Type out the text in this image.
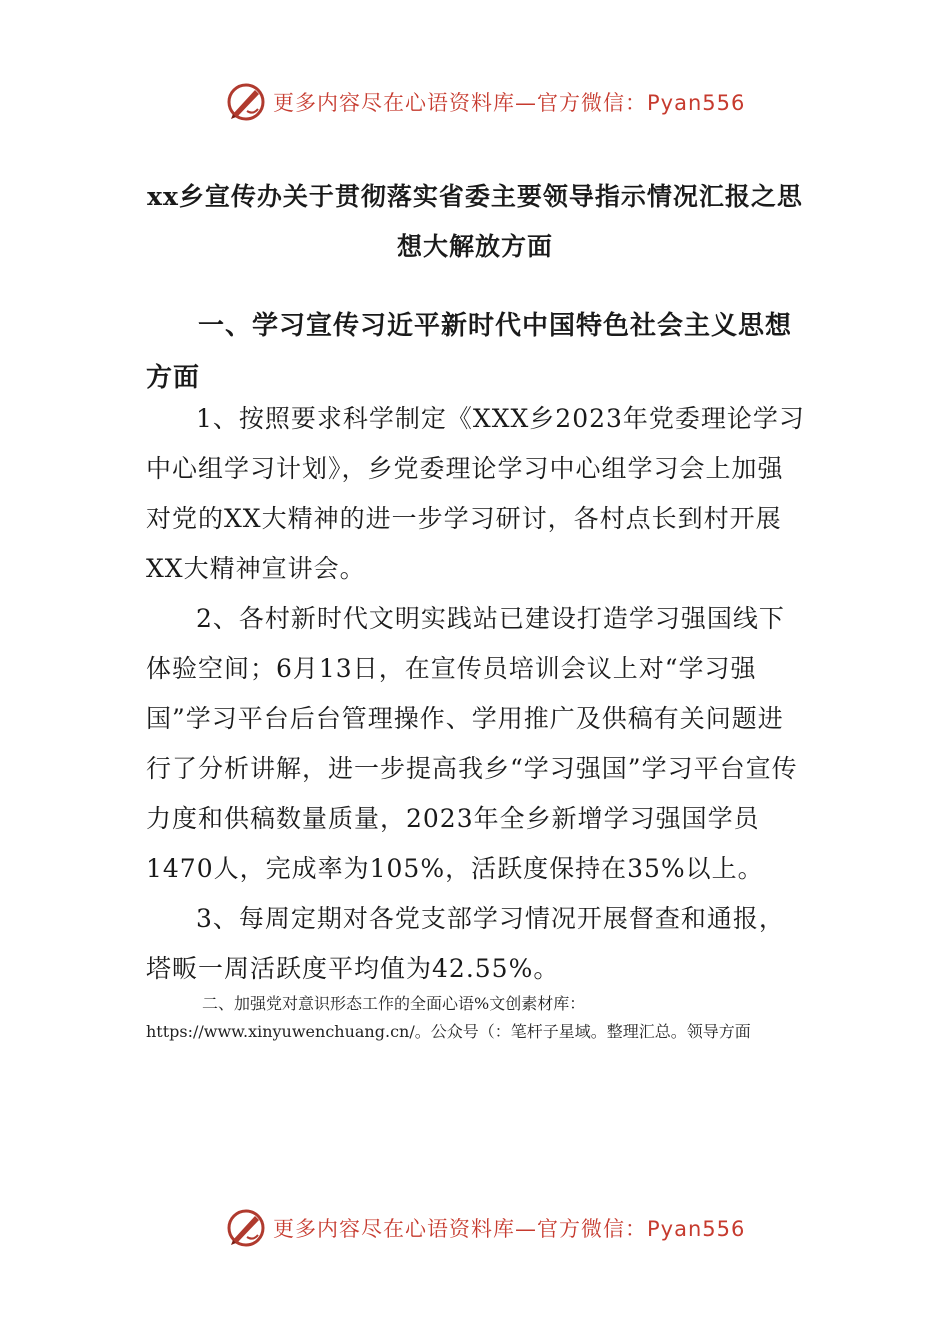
更多内容尽在心语资料库—官方微信：Pyan556
xx乡宣传办关于贯彻落实省委主要领导指示情况汇报之思想大解放方面
一、学习宣传习近平新时代中国特色社会主义思想方面

1、按照要求科学制定《XXX乡2023年党委理论学习中心组学习计划》，乡党委理论学习中心组学习会上加强对党的XX大精神的进一步学习研讨，各村点长到村开展XX大精神宣讲会。

2、各村新时代文明实践站已建设打造学习强国线下体验空间；6月13日，在宣传员培训会议上对“学习强国”学习平台后台管理操作、学用推广及供稿有关问题进行了分析讲解，进一步提高我乡“学习强国”学习平台宣传力度和供稿数量质量，2023年全乡新增学习强国学员1470人，完成率为105%，活跃度保持在35%以上。

3、每周定期对各党支部学习情况开展督查和通报，塔畈一周活跃度平均值为42.55%。

二、加强党对意识形态工作的全面心语%文创素材库：https://www.xinyuwenchuang.cn/。公众号（：笔杆子星域。整理汇总。领导方面

更多内容尽在心语资料库—官方微信：Pyan556
